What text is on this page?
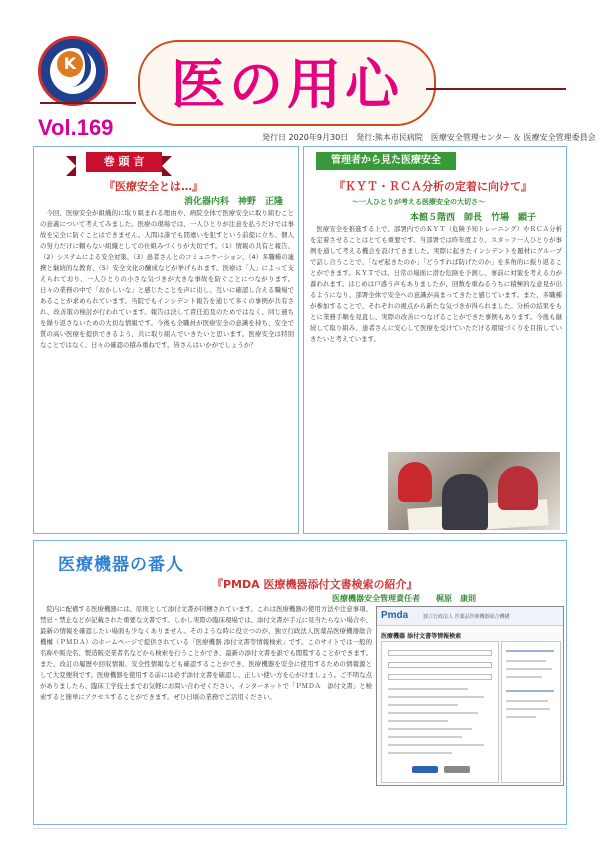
K	医の用心
Vol.169	発行日 2020年9月30日　発行:熊本市民病院　医療安全管理センター ＆ 医療安全管理委員会
巻 頭 言
『医療安全とは…』
消化器内科　神野　正隆

今回、医療安全が組織的に取り組まれる理由や、病院全体で医療安全に取り組むことの意義について考えてみました。医療の現場では、一人ひとりが注意を払うだけでは事故を完全に防ぐことはできません。人間は誰でも間違いを犯すという前提に立ち、個人の努力だけに頼らない組織としての仕組みづくりが大切です。（1）情報の共有と報告、（2）システムによる安全対策、（3）患者さんとのコミュニケーション、（4）多職種の連携と継続的な教育、（5）安全文化の醸成などが挙げられます。医療は「人」によって支えられており、一人ひとりの小さな気づきが大きな事故を防ぐことにつながります。日々の業務の中で「おかしいな」と感じたことを声に出し、互いに確認し合える職場であることが求められています。当院でもインシデント報告を通じて多くの事例が共有され、改善策の検討が行われています。報告は決して責任追及のためではなく、同じ過ちを繰り返さないための大切な情報です。今後も全職員が医療安全の意識を持ち、安全で質の高い医療を提供できるよう、共に取り組んでいきたいと思います。医療安全は特別なことではなく、日々の確認の積み重ねです。皆さんはいかがでしょうか？

管理者から見た医療安全
『ＫＹＴ・ＲＣＡ分析の定着に向けて』
〜一人ひとりが考える医療安全の大切さ〜
本館５階西　師長　竹場　顕子

医療安全を推進する上で、部署内でのＫＹＴ（危険予知トレーニング）やＲＣＡ分析を定着させることはとても重要です。当部署では昨年度より、スタッフ一人ひとりが事例を通して考える機会を設けてきました。実際に起きたインシデントを題材にグループで話し合うことで、「なぜ起きたのか」「どうすれば防げたのか」を多角的に振り返ることができます。ＫＹＴでは、日常の場面に潜む危険を予測し、事前に対策を考える力が養われます。はじめは戸惑う声もありましたが、回数を重ねるうちに積極的な意見が出るようになり、部署全体で安全への意識が高まってきたと感じています。また、多職種が参加することで、それぞれの視点から新たな気づきが得られました。分析の結果をもとに業務手順を見直し、実際の改善につなげることができた事例もあります。今後も継続して取り組み、患者さんに安心して医療を受けていただける環境づくりを目指していきたいと考えています。

医療機器の番人
『PMDA 医療機器添付文書検索の紹介』
医療機器安全管理責任者　　梶原　康則

院内に配備する医療機器には、原則として添付文書が同梱されています。これは医療機器の使用方法や注意事項、禁忌・禁止などが記載された重要な文書です。しかし実際の臨床現場では、添付文書が手元に見当たらない場合や、最新の情報を確認したい場面も少なくありません。そのような時に役立つのが、独立行政法人医薬品医療機器総合機構（ＰＭＤＡ）のホームページで提供されている「医療機器 添付文書等情報検索」です。このサイトでは一般的名称や販売名、製造販売業者名などから検索を行うことができ、最新の添付文書を誰でも閲覧することができます。また、改訂の履歴や回収情報、安全性情報なども確認することができ、医療機器を安全に使用するための情報源として大変便利です。医療機器を使用する前には必ず添付文書を確認し、正しい使い方を心がけましょう。ご不明な点がありましたら、臨床工学技士までお気軽にお問い合わせください。インターネットで「ＰＭＤＡ　添付文書」と検索すると簡単にアクセスすることができます。ぜひ日頃の業務でご活用ください。

Pmda	独立行政法人 医薬品医療機器総合機構
医療機器 添付文書等情報検索
